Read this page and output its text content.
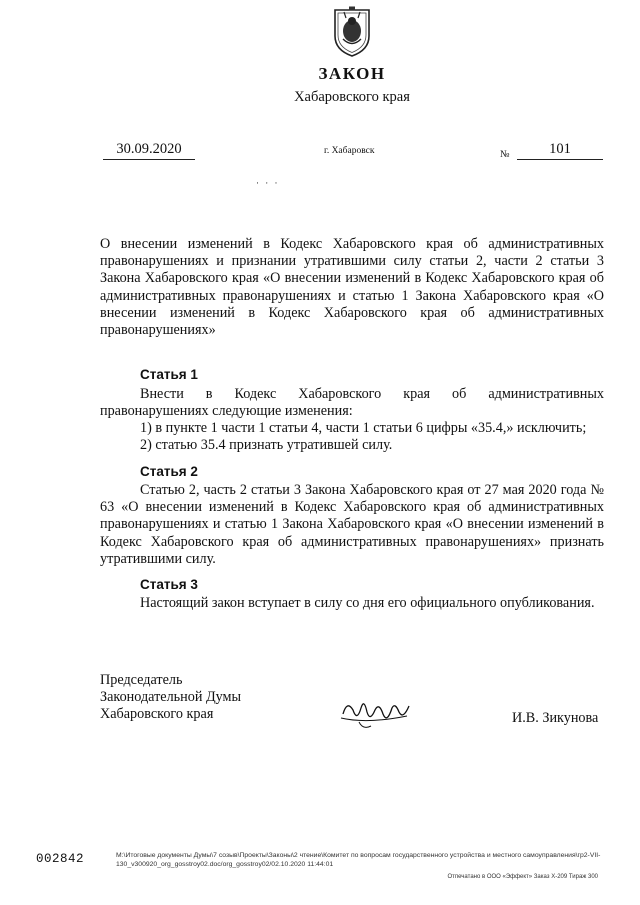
ЗАКОН
Хабаровского края
30.09.2020	г. Хабаровск	№	101
· · ·
О внесении изменений в Кодекс Хабаровского края об административных правонарушениях и признании утратившими силу статьи 2, части 2 статьи 3 Закона Хабаровского края «О внесении изменений в Кодекс Хабаровского края об административных правонарушениях и статью 1 Закона Хабаровского края «О внесении изменений в Кодекс Хабаровского края об административных правонарушениях»
Статья 1
Внести в Кодекс Хабаровского края об административных правонарушениях следующие изменения:
1) в пункте 1 части 1 статьи 4, части 1 статьи 6 цифры «35.4,» исключить;
2) статью 35.4 признать утратившей силу.
Статья 2
Статью 2, часть 2 статьи 3 Закона Хабаровского края от 27 мая 2020 года № 63 «О внесении изменений в Кодекс Хабаровского края об административных правонарушениях и статью 1 Закона Хабаровского края «О внесении изменений в Кодекс Хабаровского края об административных правонарушениях» признать утратившими силу.
Статья 3
Настоящий закон вступает в силу со дня его официального опубликования.
Председатель
Законодательной Думы
Хабаровского края	И.В. Зикунова
002842	M:\Итоговые документы Думы\7 созыв\Проекты\Законы\2 чтение\Комитет по вопросам государственного устройства и местного самоуправления\гр2-VII-130_v300920_org_gosstroy02.doc/org_gosstroy02/02.10.2020 11:44:01
Отпечатано в ООО «Эффект» Заказ Х-209 Тираж 300
